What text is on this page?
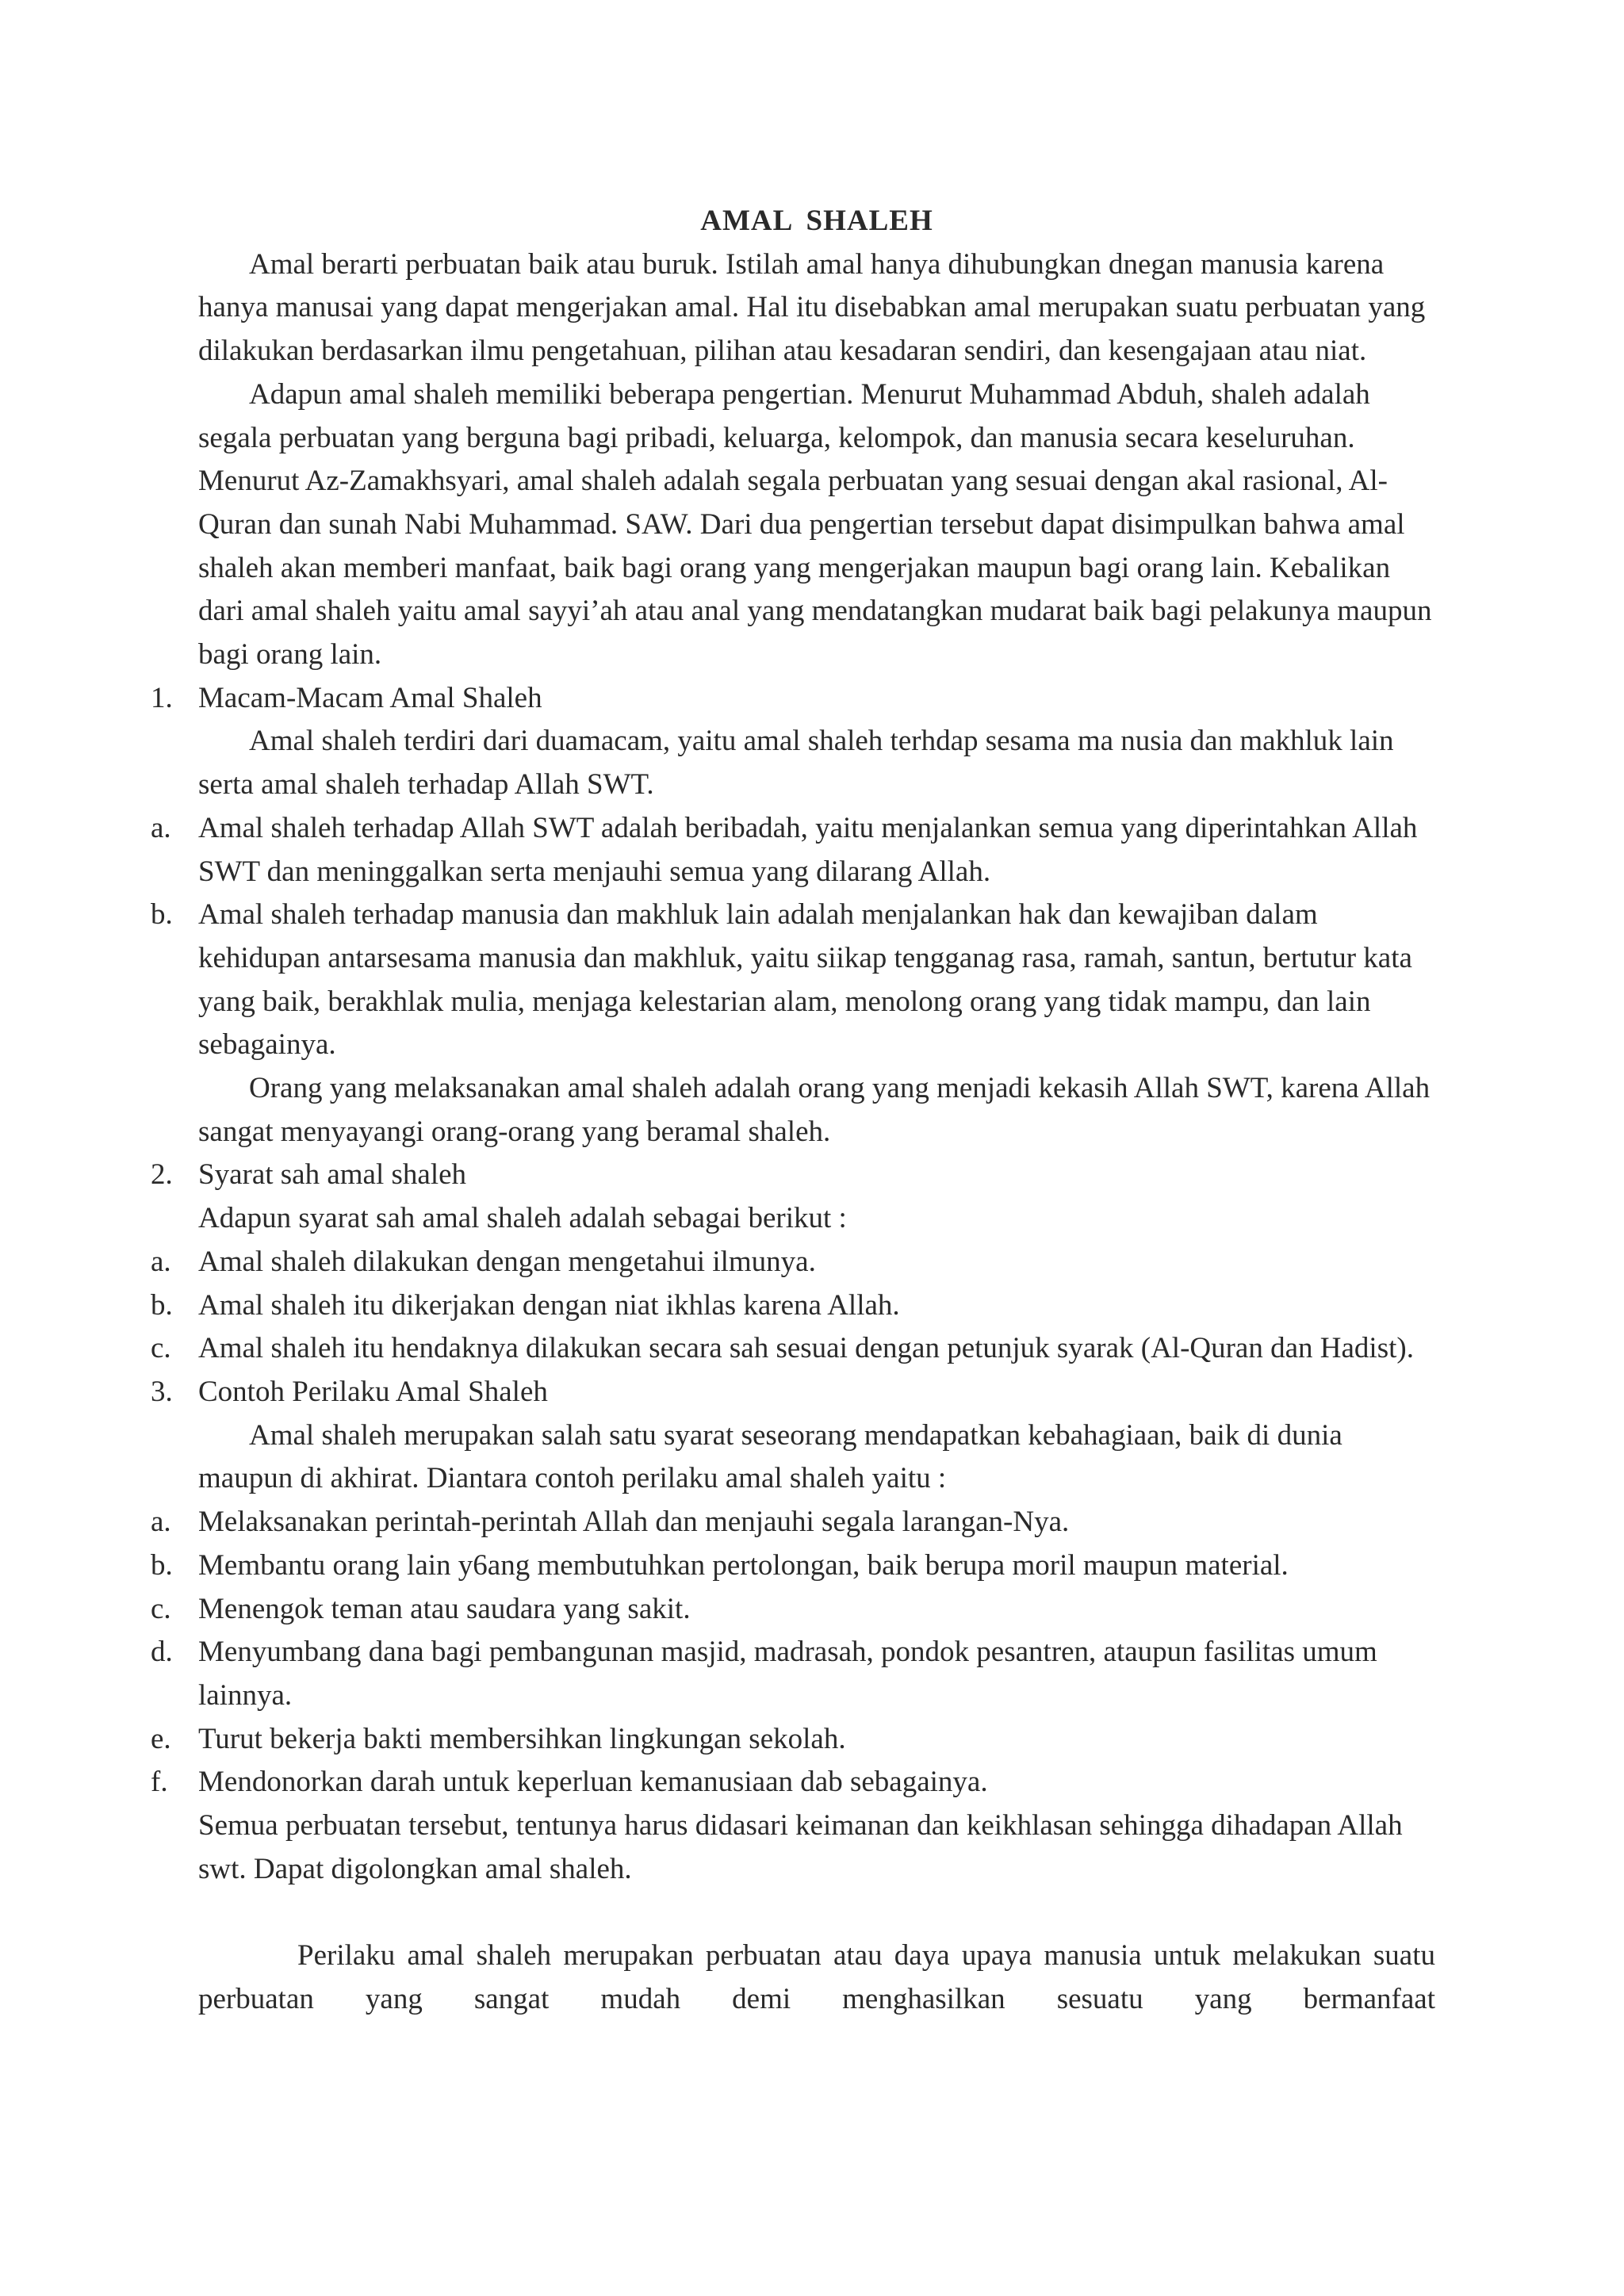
AMAL SHALEH

Amal berarti perbuatan baik atau buruk. Istilah amal hanya dihubungkan dnegan manusia karena hanya manusai yang dapat mengerjakan amal. Hal itu disebabkan amal merupakan suatu perbuatan yang dilakukan berdasarkan ilmu pengetahuan, pilihan atau kesadaran sendiri, dan kesengajaan atau niat.

Adapun amal shaleh memiliki beberapa pengertian. Menurut Muhammad Abduh, shaleh adalah segala perbuatan yang berguna bagi pribadi, keluarga, kelompok, dan manusia secara keseluruhan. Menurut Az-Zamakhsyari, amal shaleh adalah segala perbuatan yang sesuai dengan akal rasional, Al-Quran dan sunah Nabi Muhammad. SAW. Dari dua pengertian tersebut dapat disimpulkan bahwa amal shaleh akan memberi manfaat, baik bagi orang yang mengerjakan maupun bagi orang lain. Kebalikan dari amal shaleh yaitu amal sayyi’ah atau anal yang mendatangkan mudarat baik bagi pelakunya maupun bagi orang lain.

1. Macam-Macam Amal Shaleh

Amal shaleh terdiri dari duamacam, yaitu amal shaleh terhdap sesama ma nusia dan makhluk lain serta amal shaleh terhadap Allah SWT.

a. Amal shaleh terhadap Allah SWT adalah beribadah, yaitu menjalankan semua yang diperintahkan Allah SWT dan meninggalkan serta menjauhi semua yang dilarang Allah.
b. Amal shaleh terhadap manusia dan makhluk lain adalah menjalankan hak dan kewajiban dalam kehidupan antarsesama manusia dan makhluk, yaitu siikap tengganag rasa, ramah, santun, bertutur kata yang baik, berakhlak mulia, menjaga kelestarian alam, menolong orang yang tidak mampu, dan lain sebagainya.

Orang yang melaksanakan amal shaleh adalah orang yang menjadi kekasih Allah SWT, karena Allah sangat menyayangi orang-orang yang beramal shaleh.

2. Syarat sah amal shaleh

Adapun syarat sah amal shaleh adalah sebagai berikut :

a. Amal shaleh dilakukan dengan mengetahui ilmunya.
b. Amal shaleh itu dikerjakan dengan niat ikhlas karena Allah.
c. Amal shaleh itu hendaknya dilakukan secara sah sesuai dengan petunjuk syarak (Al-Quran dan Hadist).
3. Contoh Perilaku Amal Shaleh

Amal shaleh merupakan salah satu syarat seseorang mendapatkan kebahagiaan, baik di dunia maupun di akhirat. Diantara contoh perilaku amal shaleh yaitu :

a. Melaksanakan perintah-perintah Allah dan menjauhi segala larangan-Nya.
b. Membantu orang lain y6ang membutuhkan pertolongan, baik berupa moril maupun material.
c. Menengok teman atau saudara yang sakit.
d. Menyumbang dana bagi pembangunan masjid, madrasah, pondok pesantren, ataupun fasilitas umum lainnya.
e. Turut bekerja bakti membersihkan lingkungan sekolah.
f. Mendonorkan darah untuk keperluan kemanusiaan dab sebagainya.

Semua perbuatan tersebut, tentunya harus didasari keimanan dan keikhlasan sehingga dihadapan Allah swt. Dapat digolongkan amal shaleh.

Perilaku amal shaleh merupakan perbuatan atau daya upaya manusia untuk melakukan suatu perbuatan yang sangat mudah demi menghasilkan sesuatu yang bermanfaat
